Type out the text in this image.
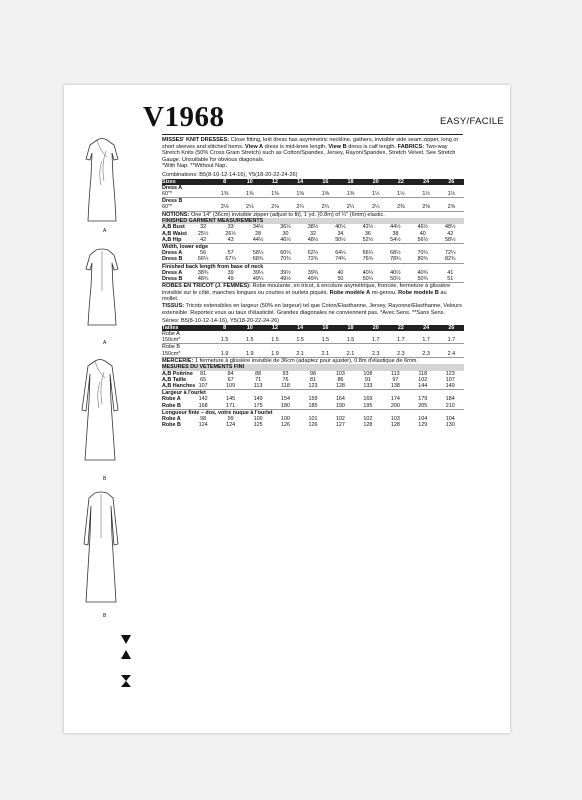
V1968	EASY/FACILE
A
A
B
B

MISSES' KNIT DRESSES: Close fitting, knit dress has asymmetric neckline, gathers, invisible side seam zipper, long or short sleeves and stitched hems. View A dress is mid-knee length. View B dress is calf length. FABRICS: Two-way Stretch Knits (50% Cross Grain Stretch) such as Cotton/Spandex, Jersey, Rayon/Spandex, Stretch Velvet. See Stretch Gauge. Unsuitable for obvious diagonals.
*With Nap. **Without Nap.

Combinations: B5(8-10-12-14-16), Y5(18-20-22-24-26)

Sizes	8	10	12	14	16	18	20	22	24	26
Dress A										
60"*	1⅜	1⅜	1⅜	1⅜	1⅜	1⅜	1½	1½	1½	1½
Dress B										
60"*	2⅛	2⅛	2⅛	2¼	2¼	2¼	2¼	2⅜	2⅜	2⅜

NOTIONS: One 14" (36cm) invisible zipper (adjust to fit), 1 yd. (0.8m) of ¼" (6mm) elastic.

FINISHED GARMENT MEASUREMENTS										
A,B Bust	32	33	34½	36½	38½	40½	42½	44½	46½	48½
A,B Waist	25½	26½	28	30	32	34	36	38	40	42
A,B Hip	42	43	44½	46½	48½	50½	52½	54½	56½	58½
Width, lower edge										
Dress A	56	57	58¼	60¼	62¼	64¼	66¼	68½	70¼	72¼
Dress B	66¼	67¼	68¾	70¾	72¾	74¾	76¾	78¾	80¾	82¾
Finished back length from base of neck										
Dress A	38¾	39	39¼	39½	39¾	40	40¼	40½	40¾	41
Dress B	48¾	49	49¼	49½	49¾	50	50¼	50½	50¾	51

ROBES EN TRICOT (J. FEMMES): Robe moulante, en tricot, à encolure asymétrique, froncée, fermeture à glissière invisible sur le côté, manches longues ou courtes et ourlets piqués. Robe modèle A mi-genou. Robe modèle B au mollet.
TISSUS: Tricots extensibles en largeur (50% en largeur) tel que Coton/Elasthanne, Jersey, Rayonne/Elasthanne, Velours extensible. Reportez vous au taux d'élasticité. Grandes diagonales ne conviennent pas. *Avec Sens. **Sans Sens.

Séries: B5(8-10-12-14-16), Y5(18-20-22-24-26)

Tailles	8	10	12	14	16	18	20	22	24	26
Robe A										
150cm*	1.5	1.5	1.5	1.5	1.5	1.5	1.7	1.7	1.7	1.7
Robe B										
150cm*	1.9	1.9	1.9	2.1	2.1	2.1	2.3	2.3	2.3	2.4

MERCERIE: 1 fermeture à glissière invisible de 36cm (adaptez pour ajuster), 0.8m d'élastique de 6mm.

MESURES DU VETEMENTS FINI										
A,B Poitrine	81	84	88	93	98	103	108	113	118	123
A,B Taille	65	67	71	76	81	86	91	97	102	107
A,B Hanches	107	109	113	118	123	128	133	138	144	149
Largeur à l'ourlet										
Robe A	142	145	149	154	159	164	169	174	179	184
Robe B	168	171	175	180	185	190	195	200	205	210
Longueur finie – dos, votre nuque à l'ourlet										
Robe A	98	99	100	100	101	102	102	103	104	104
Robe B	124	124	125	126	126	127	128	128	129	130
